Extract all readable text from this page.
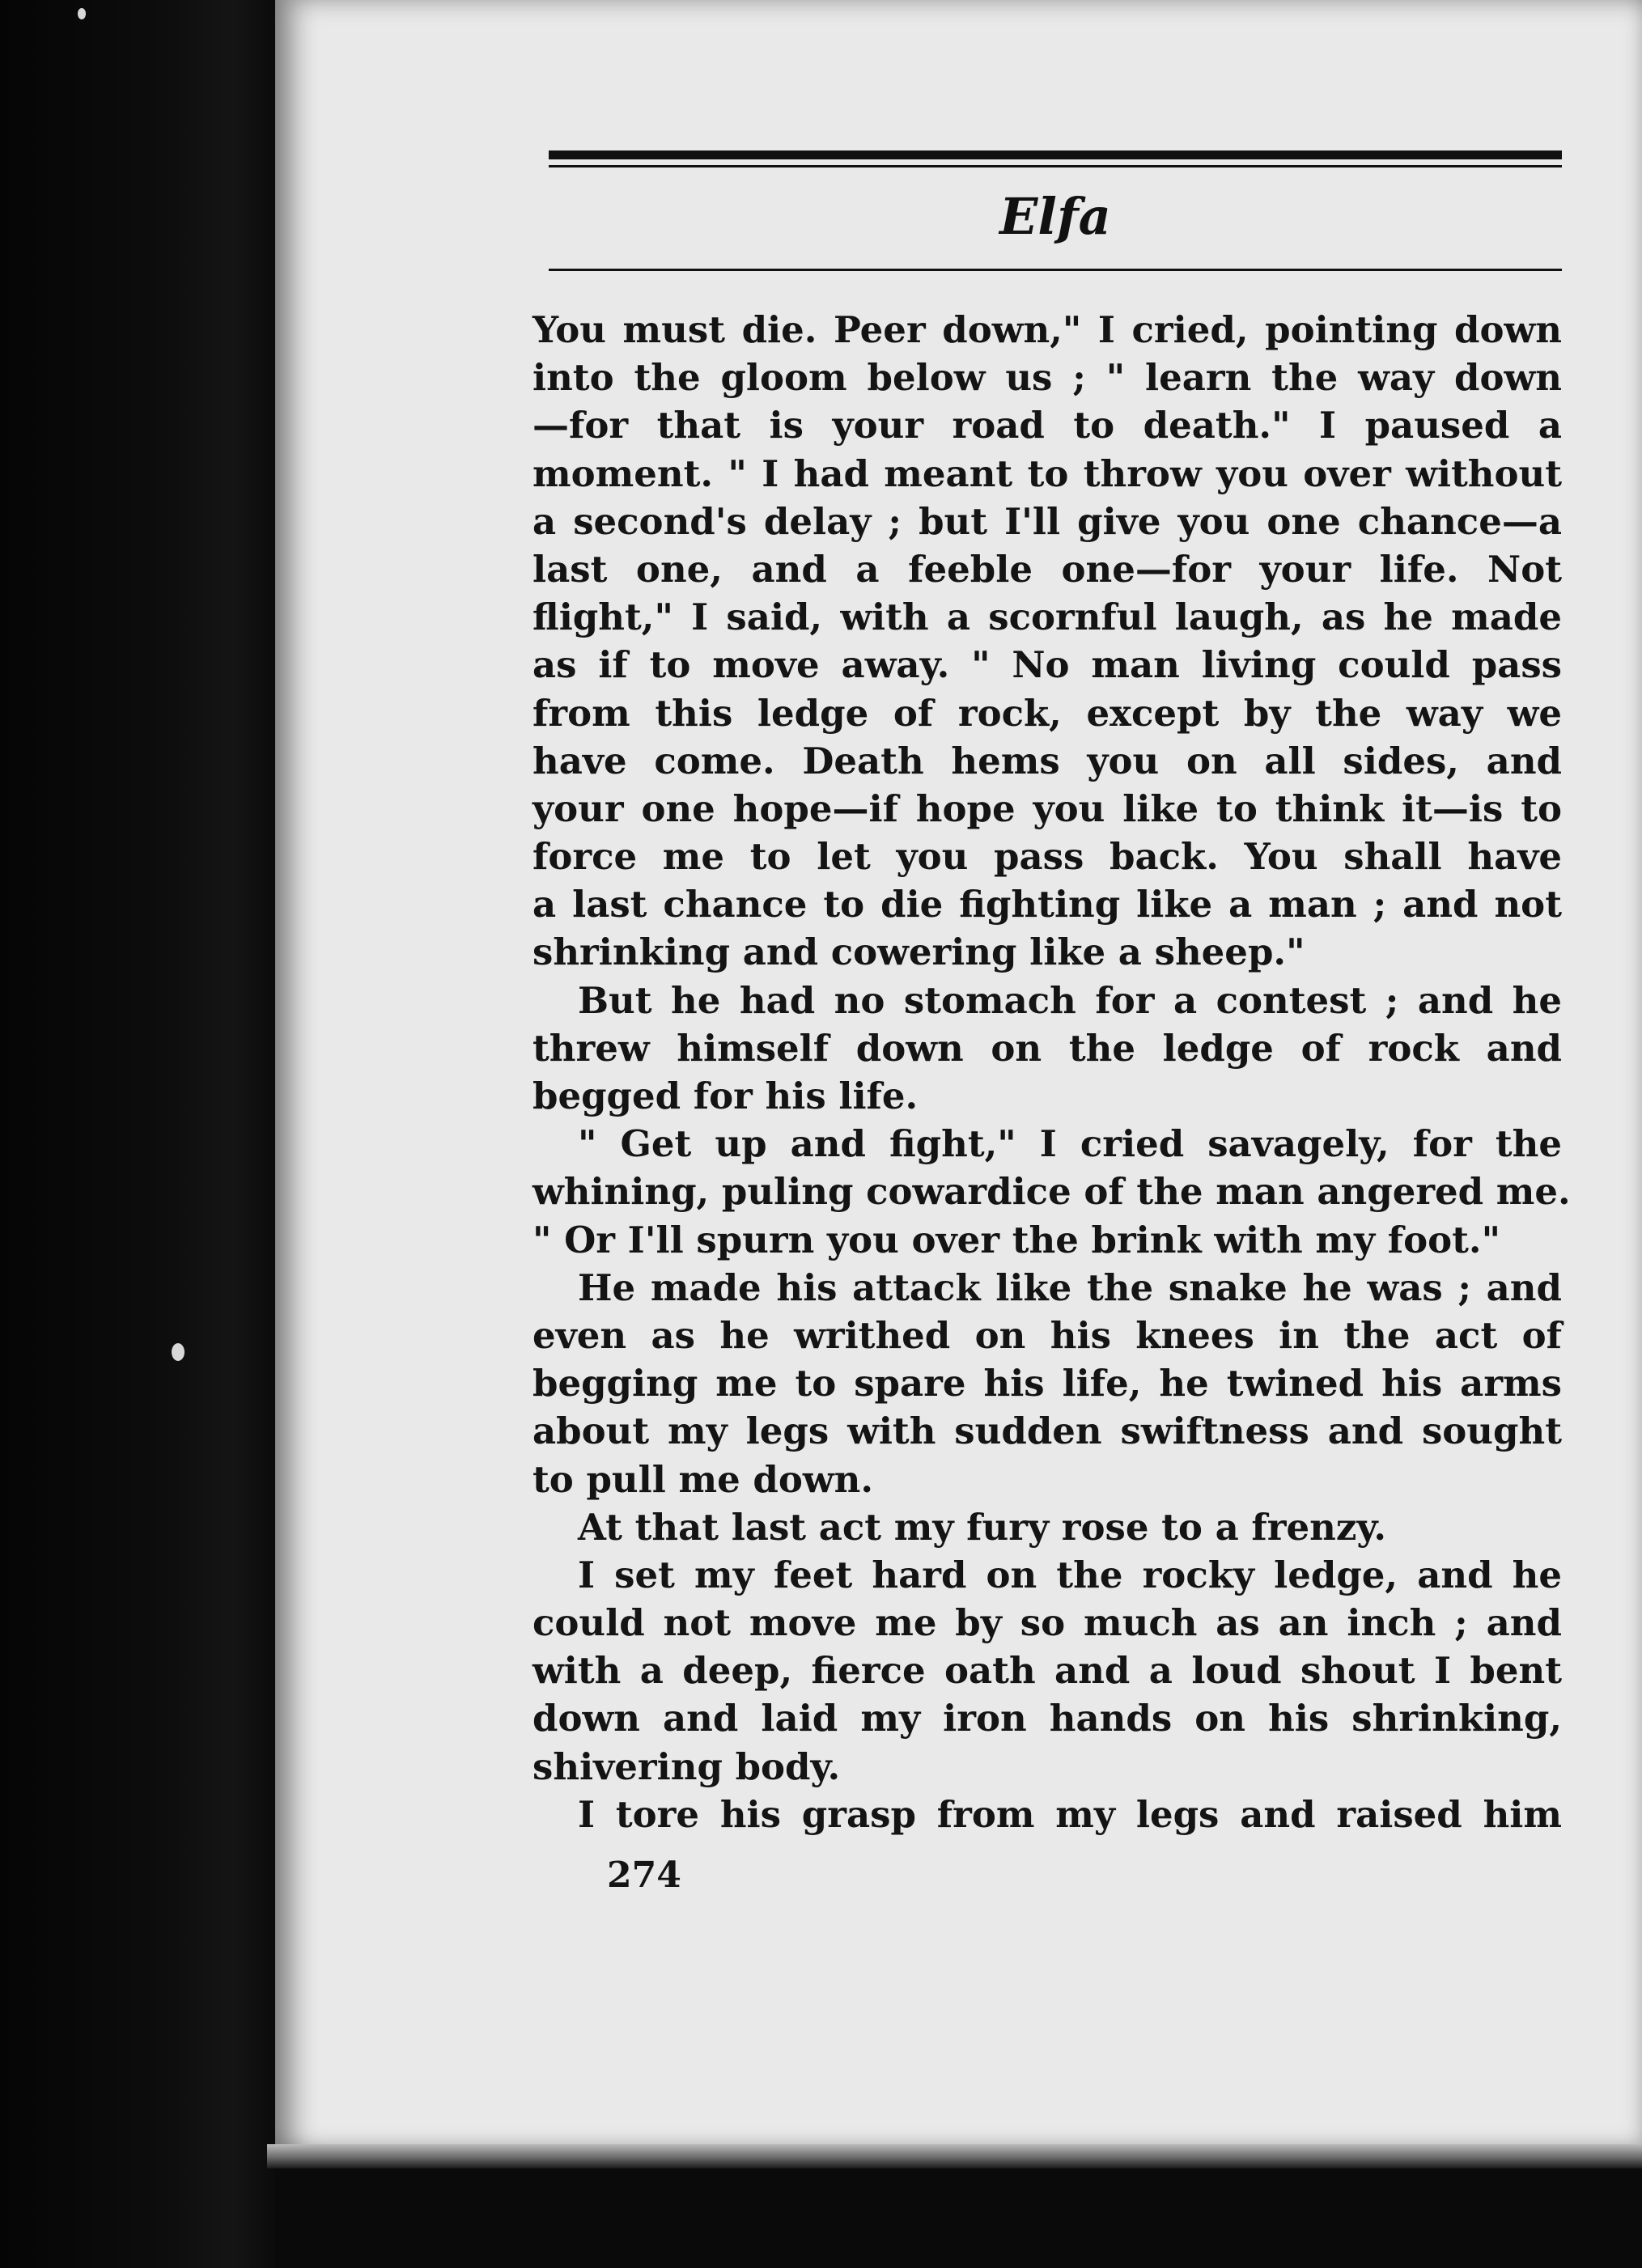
Elfa
You must die. Peer down," I cried, pointing down
into the gloom below us ; " learn the way down
—for that is your road to death." I paused a
moment. " I had meant to throw you over without
a second's delay ; but I'll give you one chance—a
last one, and a feeble one—for your life. Not
flight," I said, with a scornful laugh, as he made
as if to move away. " No man living could pass
from this ledge of rock, except by the way we
have come. Death hems you on all sides, and
your one hope—if hope you like to think it—is to
force me to let you pass back. You shall have
a last chance to die fighting like a man ; and not
shrinking and cowering like a sheep."
But he had no stomach for a contest ; and he
threw himself down on the ledge of rock and
begged for his life.
" Get up and fight," I cried savagely, for the
whining, puling cowardice of the man angered me.
" Or I'll spurn you over the brink with my foot."
He made his attack like the snake he was ; and
even as he writhed on his knees in the act of
begging me to spare his life, he twined his arms
about my legs with sudden swiftness and sought
to pull me down.
At that last act my fury rose to a frenzy.
I set my feet hard on the rocky ledge, and he
could not move me by so much as an inch ; and
with a deep, fierce oath and a loud shout I bent
down and laid my iron hands on his shrinking,
shivering body.
I tore his grasp from my legs and raised him
274
